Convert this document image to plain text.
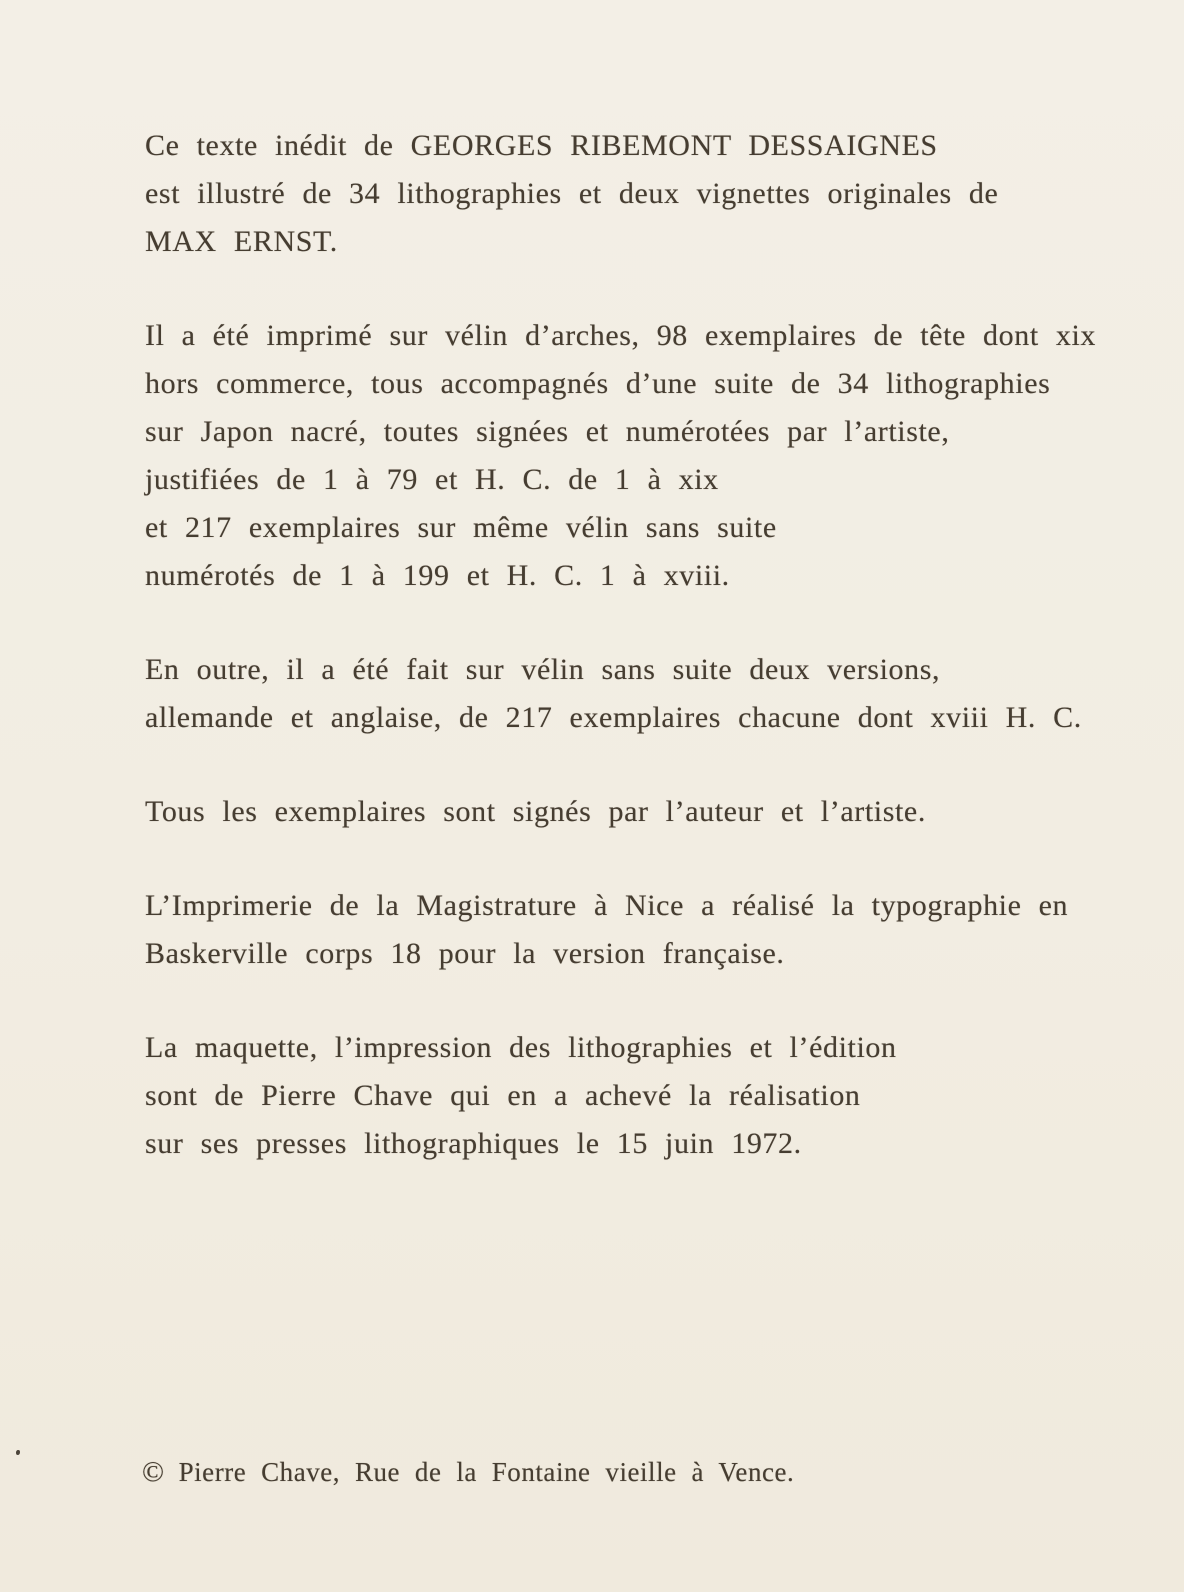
Ce texte inédit de GEORGES RIBEMONT DESSAIGNES
est illustré de 34 lithographies et deux vignettes originales de
MAX ERNST.
Il a été imprimé sur vélin d’arches, 98 exemplaires de tête dont xix
hors commerce, tous accompagnés d’une suite de 34 lithographies
sur Japon nacré, toutes signées et numérotées par l’artiste,
justifiées de 1 à 79 et H. C. de 1 à xix
et 217 exemplaires sur même vélin sans suite
numérotés de 1 à 199 et H. C. 1 à xviii.
En outre, il a été fait sur vélin sans suite deux versions,
allemande et anglaise, de 217 exemplaires chacune dont xviii H. C.
Tous les exemplaires sont signés par l’auteur et l’artiste.
L’Imprimerie de la Magistrature à Nice a réalisé la typographie en
Baskerville corps 18 pour la version française.
La maquette, l’impression des lithographies et l’édition
sont de Pierre Chave qui en a achevé la réalisation
sur ses presses lithographiques le 15 juin 1972.
© Pierre Chave, Rue de la Fontaine vieille à Vence.
